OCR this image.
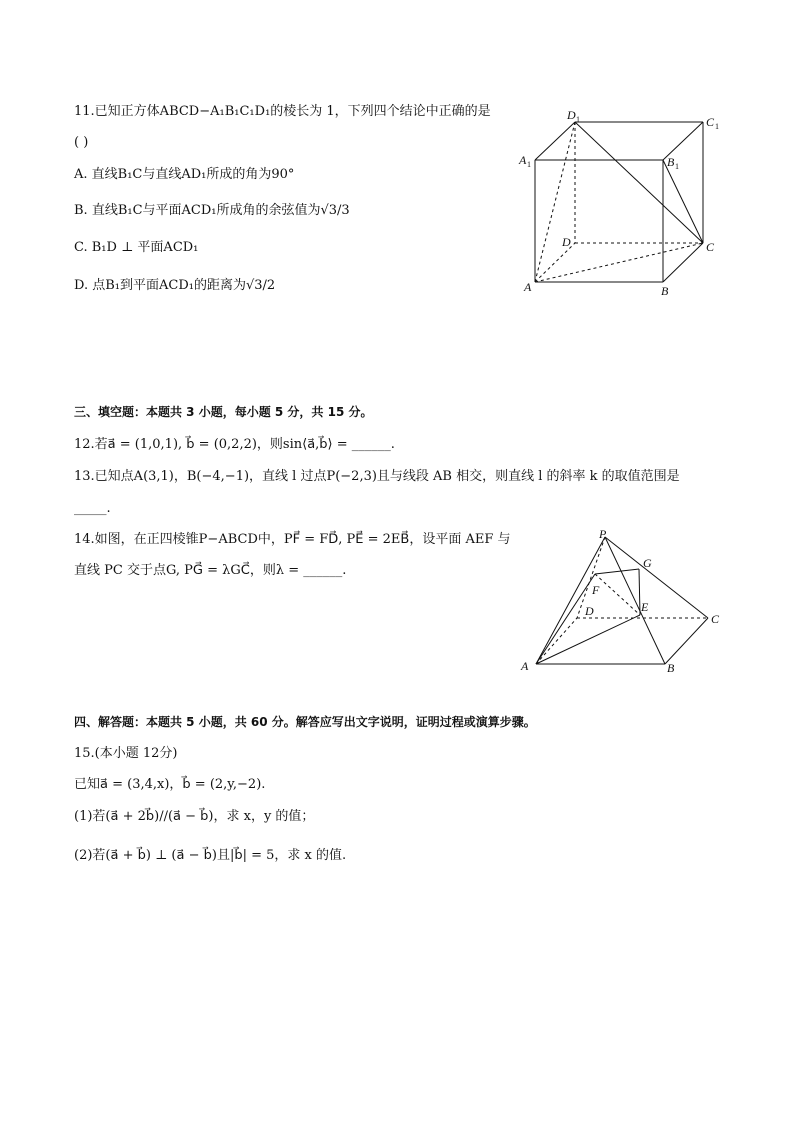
11.已知正方体ABCD−A₁B₁C₁D₁的棱长为 1，下列四个结论中正确的是
( )
A. 直线B₁C与直线AD₁所成的角为90°
B. 直线B₁C与平面ACD₁所成角的余弦值为√3/3
C. B₁D ⊥ 平面ACD₁
D. 点B₁到平面ACD₁的距离为√3/2
D 1	C 1
A 1	B 1
D	C
A	B
三、填空题：本题共 3 小题，每小题 5 分，共 15 分。
12.若a⃗ = (1,0,1), b⃗ = (0,2,2)，则sin⟨a⃗,b⃗⟩ = ______.
13.已知点A(3,1)，B(−4,−1)，直线 l 过点P(−2,3)且与线段 AB 相交，则直线 l 的斜率 k 的取值范围是
_____.
14.如图，在正四棱锥P−ABCD中，PF⃗ = FD⃗, PE⃗ = 2EB⃗，设平面 AEF 与
直线 PC 交于点G, PG⃗ = λGC⃗，则λ = ______.
P
G
F
D	E
C
A	B
四、解答题：本题共 5 小题，共 60 分。解答应写出文字说明，证明过程或演算步骤。
15.(本小题 12分)
已知a⃗ = (3,4,x)，b⃗ = (2,y,−2).
(1)若(a⃗ + 2b⃗)//(a⃗ − b⃗)，求 x，y 的值；
(2)若(a⃗ + b⃗) ⊥ (a⃗ − b⃗)且|b⃗| = 5，求 x 的值.
